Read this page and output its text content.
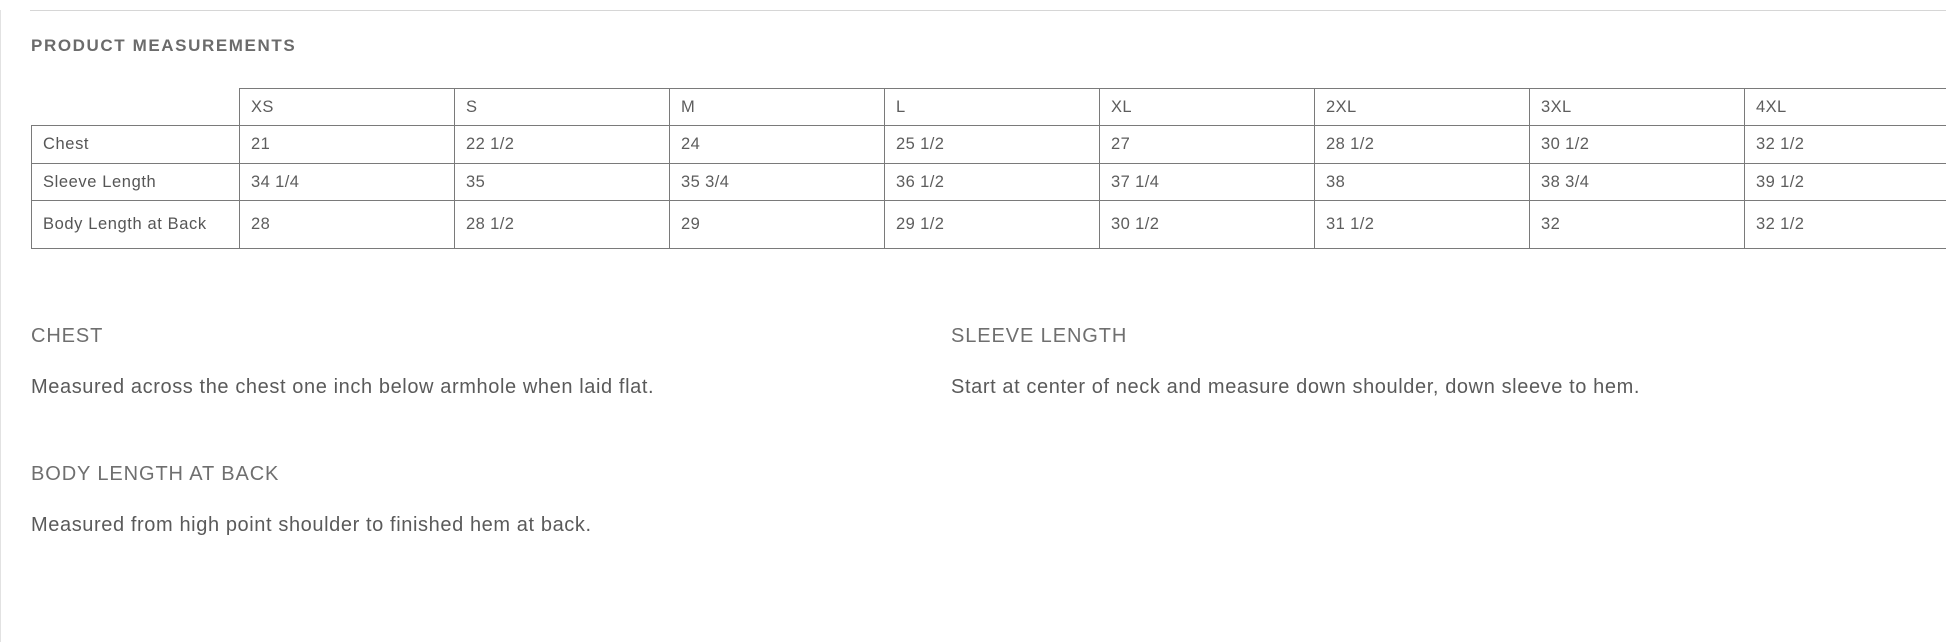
PRODUCT MEASUREMENTS
	XS	S	M	L	XL	2XL	3XL	4XL
Chest	21	22 1/2	24	25 1/2	27	28 1/2	30 1/2	32 1/2
Sleeve Length	34 1/4	35	35 3/4	36 1/2	37 1/4	38	38 3/4	39 1/2
Body Length at Back	28	28 1/2	29	29 1/2	30 1/2	31 1/2	32	32 1/2
CHEST
Measured across the chest one inch below armhole when laid flat.
SLEEVE LENGTH
Start at center of neck and measure down shoulder, down sleeve to hem.
BODY LENGTH AT BACK
Measured from high point shoulder to finished hem at back.
